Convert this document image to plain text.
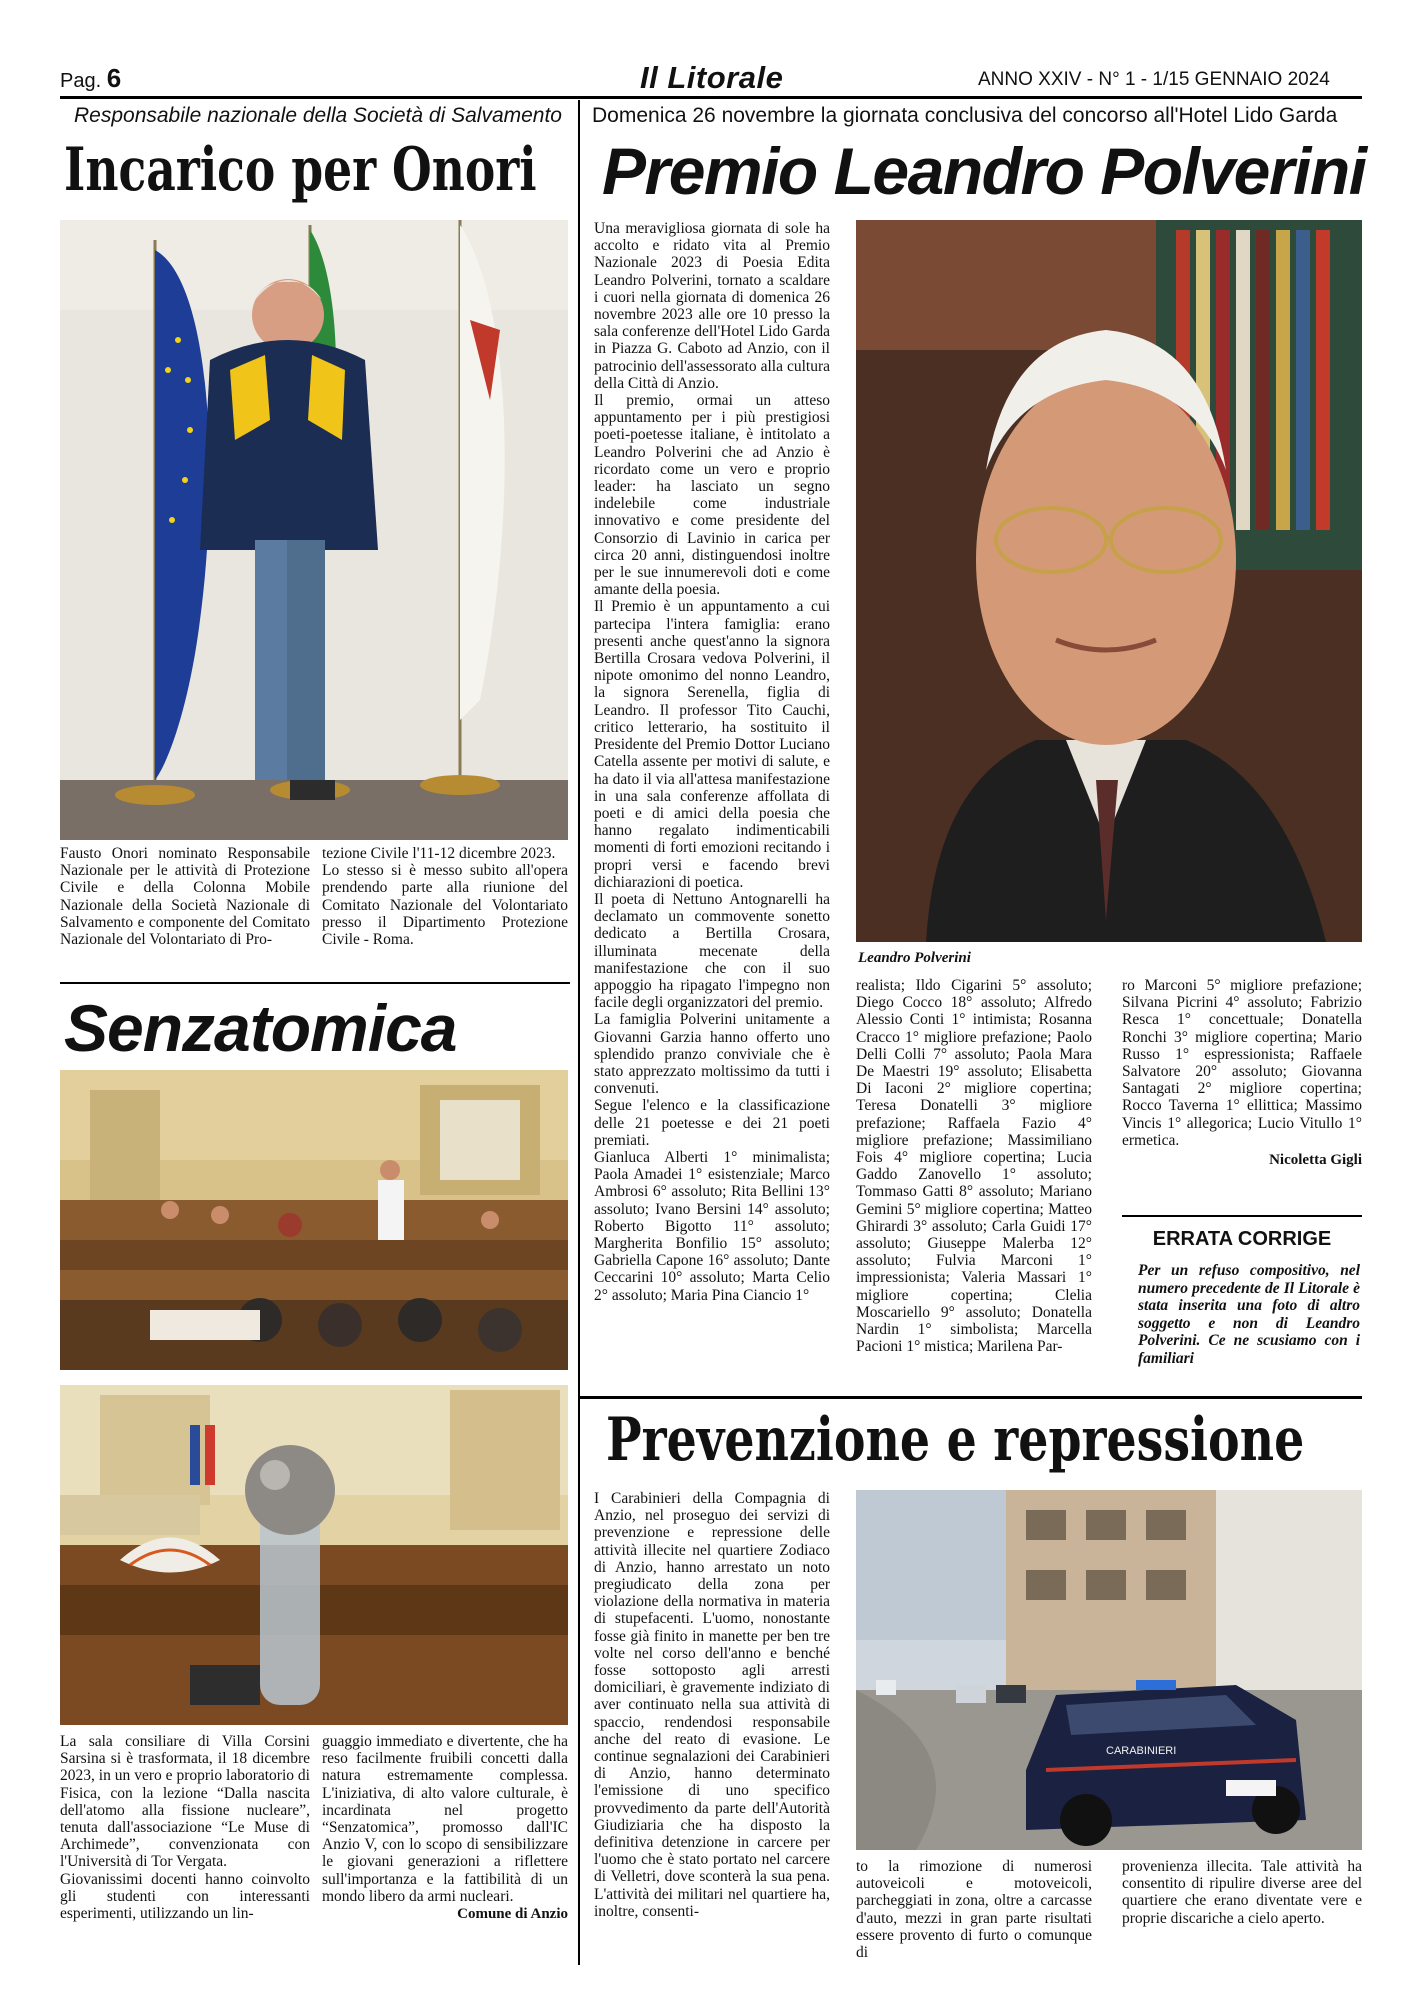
Pag. 6	Il Litorale	ANNO XXIV - N° 1 - 1/15 GENNAIO 2024
Responsabile nazionale della Società di Salvamento
Incarico per Onori
Fausto Onori nominato Responsabile Nazionale per le attività di Protezione Civile e della Colonna Mobile Nazionale della Società Nazionale di Salvamento e componente del Comitato Nazionale del Volontariato di Pro-

tezione Civile l'11-12 dicembre 2023.

Lo stesso si è messo subito all'opera prendendo parte alla riunione del Comitato Nazionale del Volontariato presso il Dipartimento Protezione Civile - Roma.

Senzatomica

La sala consiliare di Villa Corsini Sarsina si è trasformata, il 18 dicembre 2023, in un vero e proprio laboratorio di Fisica, con la lezione “Dalla nascita dell'atomo alla fissione nucleare”, tenuta dall'associazione “Le Muse di Archimede”, convenzionata con l'Università di Tor Vergata.

Giovanissimi docenti hanno coinvolto gli studenti con interessanti esperimenti, utilizzando un lin-

guaggio immediato e divertente, che ha reso facilmente fruibili concetti dalla natura estremamente complessa. L'iniziativa, di alto valore culturale, è incardinata nel progetto “Senzatomica”, promosso dall'IC Anzio V, con lo scopo di sensibilizzare le giovani generazioni a riflettere sull'importanza e la fattibilità di un mondo libero da armi nucleari.

Comune di Anzio
Domenica 26 novembre la giornata conclusiva del concorso all'Hotel Lido Garda
Premio Leandro Polverini

Una meravigliosa giornata di sole ha accolto e ridato vita al Premio Nazionale 2023 di Poesia Edita Leandro Polverini, tornato a scaldare i cuori nella giornata di domenica 26 novembre 2023 alle ore 10 presso la sala conferenze dell'Hotel Lido Garda in Piazza G. Caboto ad Anzio, con il patrocinio dell'assessorato alla cultura della Città di Anzio.

Il premio, ormai un atteso appuntamento per i più prestigiosi poeti-poetesse italiane, è intitolato a Leandro Polverini che ad Anzio è ricordato come un vero e proprio leader: ha lasciato un segno indelebile come industriale innovativo e come presidente del Consorzio di Lavinio in carica per circa 20 anni, distinguendosi inoltre per le sue innumerevoli doti e come amante della poesia.

Il Premio è un appuntamento a cui partecipa l'intera famiglia: erano presenti anche quest'anno la signora Bertilla Crosara vedova Polverini, il nipote omonimo del nonno Leandro, la signora Serenella, figlia di Leandro. Il professor Tito Cauchi, critico letterario, ha sostituito il Presidente del Premio Dottor Luciano Catella assente per motivi di salute, e ha dato il via all'attesa manifestazione in una sala conferenze affollata di poeti e di amici della poesia che hanno regalato indimenticabili momenti di forti emozioni recitando i propri versi e facendo brevi dichiarazioni di poetica.

Il poeta di Nettuno Antognarelli ha declamato un commovente sonetto dedicato a Bertilla Crosara, illuminata mecenate della manifestazione che con il suo appoggio ha ripagato l'impegno non facile degli organizzatori del premio.

La famiglia Polverini unitamente a Giovanni Garzia hanno offerto uno splendido pranzo conviviale che è stato apprezzato moltissimo da tutti i convenuti.

Segue l'elenco e la classificazione delle 21 poetesse e dei 21 poeti premiati.

Gianluca Alberti 1° minimalista; Paola Amadei 1° esistenziale; Marco Ambrosi 6° assoluto; Rita Bellini 13° assoluto; Ivano Bersini 14° assoluto; Roberto Bigotto 11° assoluto; Margherita Bonfilio 15° assoluto; Gabriella Capone 16° assoluto; Dante Ceccarini 10° assoluto; Marta Celio 2° assoluto; Maria Pina Ciancio 1°

Leandro Polverini
realista; Ildo Cigarini 5° assoluto; Diego Cocco 18° assoluto; Alfredo Alessio Conti 1° intimista; Rosanna Cracco 1° migliore prefazione; Paolo Delli Colli 7° assoluto; Paola Mara De Maestri 19° assoluto; Elisabetta Di Iaconi 2° migliore copertina; Teresa Donatelli 3° migliore prefazione; Raffaela Fazio 4° migliore prefazione; Massimiliano Fois 4° migliore copertina; Lucia Gaddo Zanovello 1° assoluto; Tommaso Gatti 8° assoluto; Mariano Gemini 5° migliore copertina; Matteo Ghirardi 3° assoluto; Carla Guidi 17° assoluto; Giuseppe Malerba 12° assoluto; Fulvia Marconi 1° impressionista; Valeria Massari 1° migliore copertina; Clelia Moscariello 9° assoluto; Donatella Nardin 1° simbolista; Marcella Pacioni 1° mistica; Marilena Par-

ro Marconi 5° migliore prefazione; Silvana Picrini 4° assoluto; Fabrizio Resca 1° concettuale; Donatella Ronchi 3° migliore copertina; Mario Russo 1° espressionista; Raffaele Salvatore 20° assoluto; Giovanna Santagati 2° migliore copertina; Rocco Taverna 1° ellittica; Massimo Vincis 1° allegorica; Lucio Vitullo 1° ermetica.

Nicoletta Gigli
ERRATA CORRIGE
Per un refuso compositivo, nel numero precedente de Il Litorale è stata inserita una foto di altro soggetto e non di Leandro Polverini. Ce ne scusiamo con i familiari
Prevenzione e repressione
I Carabinieri della Compagnia di Anzio, nel proseguo dei servizi di prevenzione e repressione delle attività illecite nel quartiere Zodiaco di Anzio, hanno arrestato un noto pregiudicato della zona per violazione della normativa in materia di stupefacenti. L'uomo, nonostante fosse già finito in manette per ben tre volte nel corso dell'anno e benché fosse sottoposto agli arresti domiciliari, è gravemente indiziato di aver continuato nella sua attività di spaccio, rendendosi responsabile anche del reato di evasione. Le continue segnalazioni dei Carabinieri di Anzio, hanno determinato l'emissione di uno specifico provvedimento da parte dell'Autorità Giudiziaria che ha disposto la definitiva detenzione in carcere per l'uomo che è stato portato nel carcere di Velletri, dove sconterà la sua pena. L'attività dei militari nel quartiere ha, inoltre, consenti-
CARABINIERI
to la rimozione di numerosi autoveicoli e motoveicoli, parcheggiati in zona, oltre a carcasse d'auto, mezzi in gran parte risultati essere provento di furto o comunque di
provenienza illecita. Tale attività ha consentito di ripulire diverse aree del quartiere che erano diventate vere e proprie discariche a cielo aperto.
